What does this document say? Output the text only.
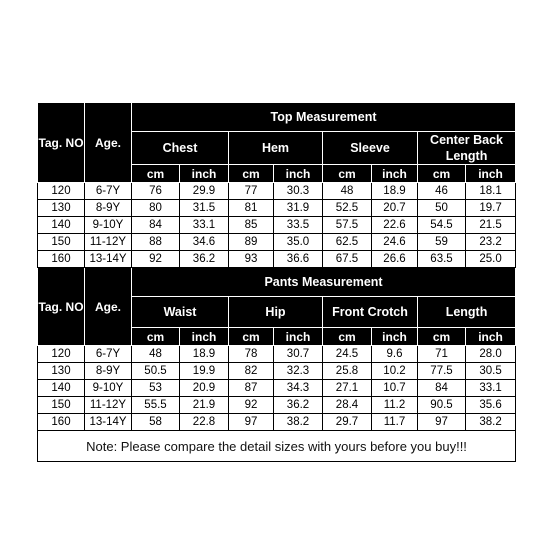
Tag. NO	Age.	Top Measurement							
		Chest		Hem		Sleeve		Center Back Length	
		cm	inch	cm	inch	cm	inch	cm	inch
120	6-7Y	76	29.9	77	30.3	48	18.9	46	18.1
130	8-9Y	80	31.5	81	31.9	52.5	20.7	50	19.7
140	9-10Y	84	33.1	85	33.5	57.5	22.6	54.5	21.5
150	11-12Y	88	34.6	89	35.0	62.5	24.6	59	23.2
160	13-14Y	92	36.2	93	36.6	67.5	26.6	63.5	25.0
Tag. NO	Age.	Pants Measurement							
		Waist		Hip		Front Crotch		Length	
		cm	inch	cm	inch	cm	inch	cm	inch
120	6-7Y	48	18.9	78	30.7	24.5	9.6	71	28.0
130	8-9Y	50.5	19.9	82	32.3	25.8	10.2	77.5	30.5
140	9-10Y	53	20.9	87	34.3	27.1	10.7	84	33.1
150	11-12Y	55.5	21.9	92	36.2	28.4	11.2	90.5	35.6
160	13-14Y	58	22.8	97	38.2	29.7	11.7	97	38.2
Note: Please compare the detail sizes with yours before you buy!!!									
